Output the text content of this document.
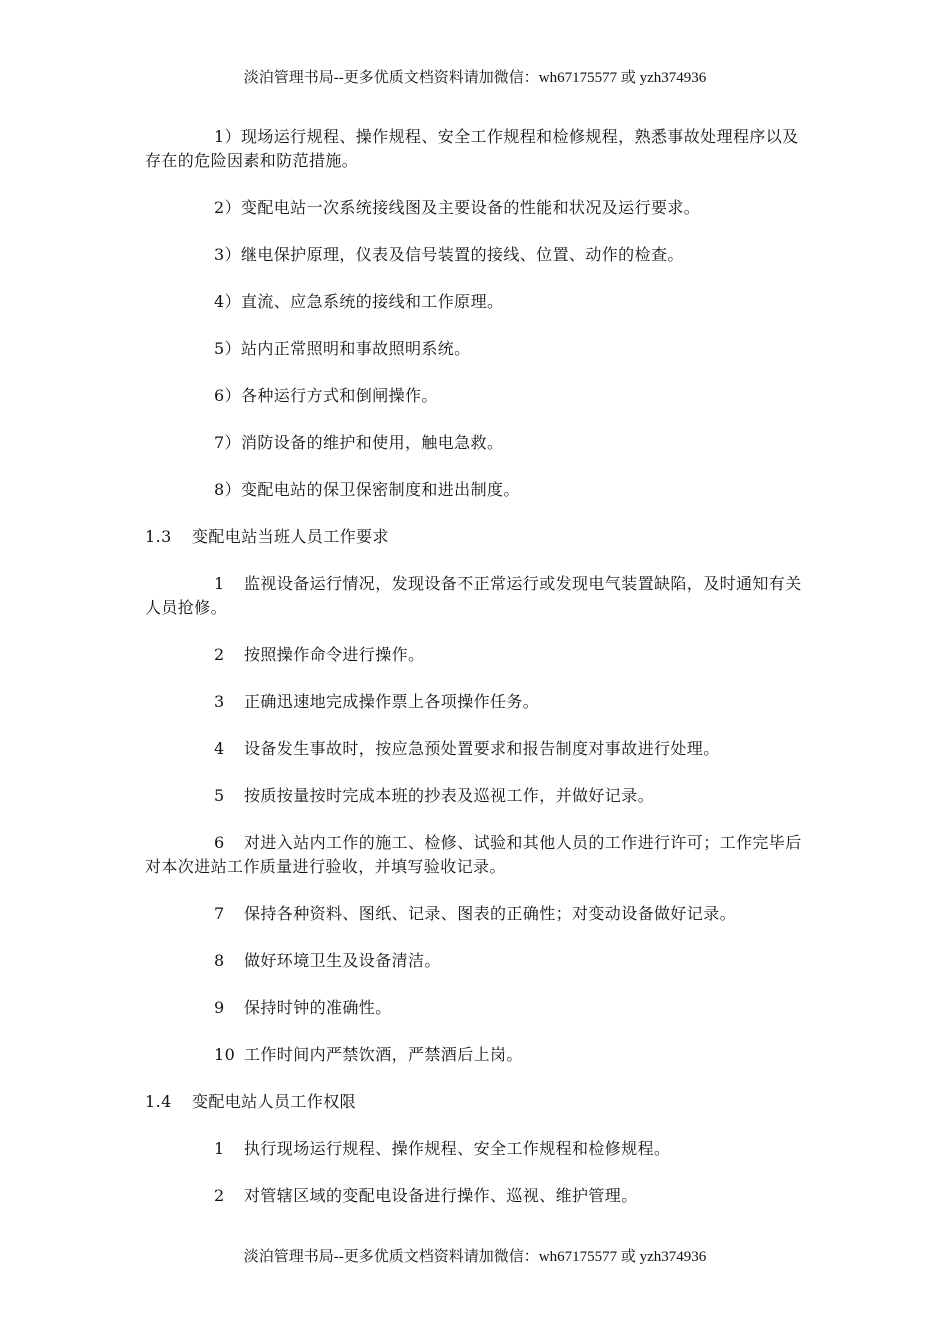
淡泊管理书局--更多优质文档资料请加微信：wh67175577 或 yzh374936

1）现场运行规程、操作规程、安全工作规程和检修规程，熟悉事故处理程序以及存在的危险因素和防范措施。

2）变配电站一次系统接线图及主要设备的性能和状况及运行要求。

3）继电保护原理，仪表及信号装置的接线、位置、动作的检查。

4）直流、应急系统的接线和工作原理。

5）站内正常照明和事故照明系统。

6）各种运行方式和倒闸操作。

7）消防设备的维护和使用，触电急救。

8）变配电站的保卫保密制度和进出制度。

1.3 变配电站当班人员工作要求

1 监视设备运行情况，发现设备不正常运行或发现电气装置缺陷，及时通知有关人员抢修。

2 按照操作命令进行操作。

3 正确迅速地完成操作票上各项操作任务。

4 设备发生事故时，按应急预处置要求和报告制度对事故进行处理。

5 按质按量按时完成本班的抄表及巡视工作，并做好记录。

6 对进入站内工作的施工、检修、试验和其他人员的工作进行许可；工作完毕后对本次进站工作质量进行验收，并填写验收记录。

7 保持各种资料、图纸、记录、图表的正确性；对变动设备做好记录。

8 做好环境卫生及设备清洁。

9 保持时钟的准确性。

10 工作时间内严禁饮酒，严禁酒后上岗。

1.4 变配电站人员工作权限

1 执行现场运行规程、操作规程、安全工作规程和检修规程。

2 对管辖区域的变配电设备进行操作、巡视、维护管理。

淡泊管理书局--更多优质文档资料请加微信：wh67175577 或 yzh374936
